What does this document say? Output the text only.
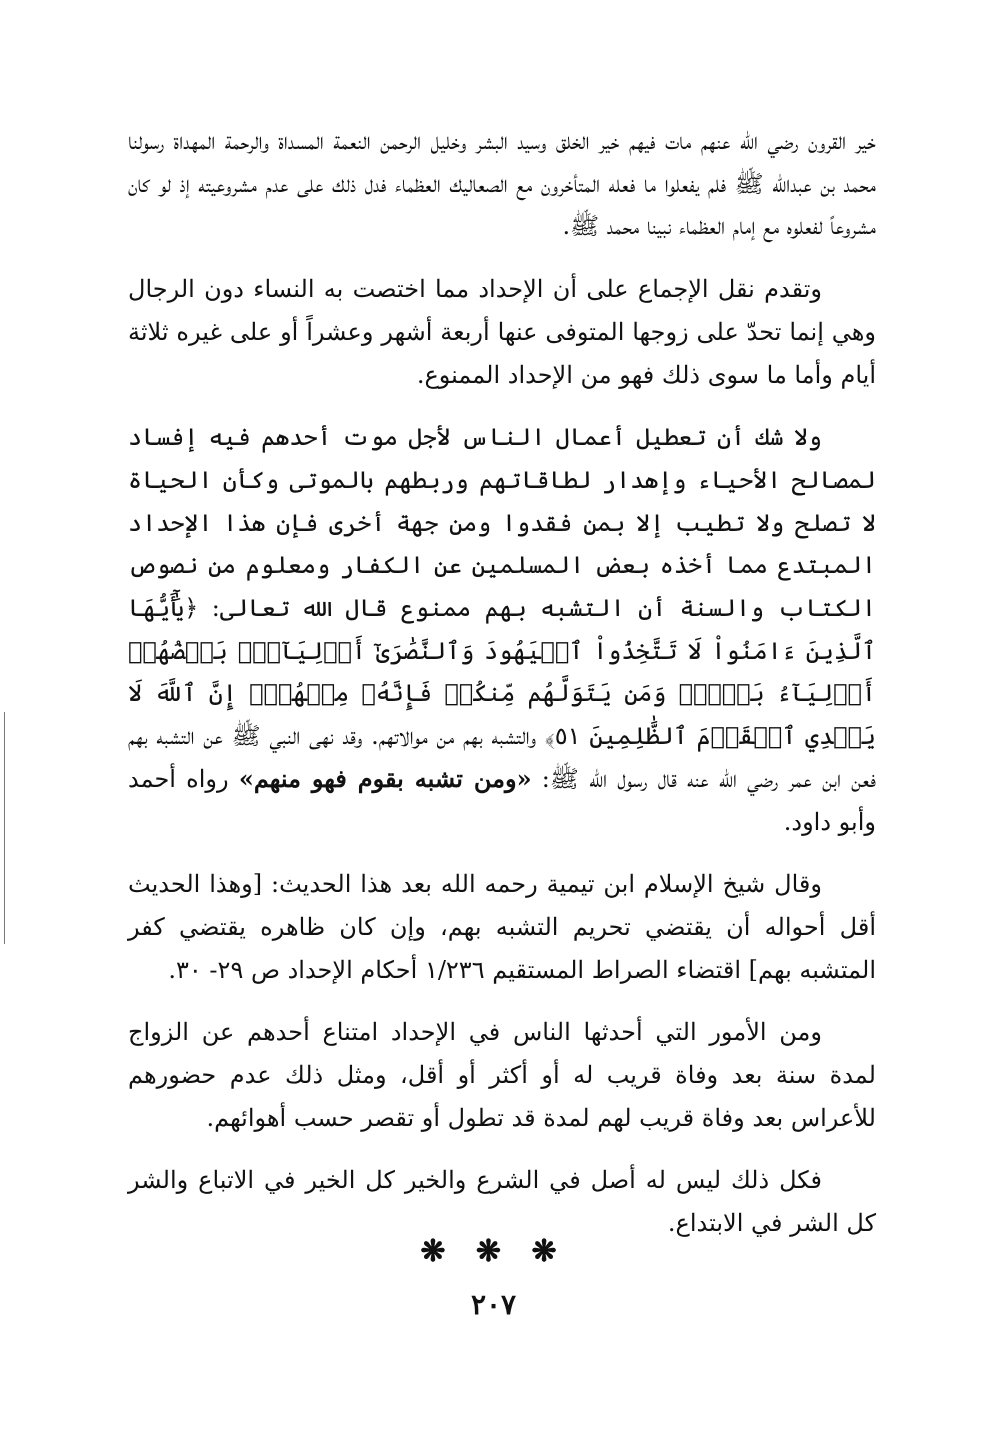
خير القرون رضي الله عنهم مات فيهم خير الخلق وسيد البشر وخليل الرحمن النعمة المسداة والرحمة المهداة رسولنا محمد بن عبدالله ﷺ فلم يفعلوا ما فعله المتأخرون مع الصعاليك العظماء فدل ذلك على عدم مشروعيته إذ لو كان مشروعاً لفعلوه مع إمام العظماء نبينا محمد ﷺ.

وتقدم نقل الإجماع على أن الإحداد مما اختصت به النساء دون الرجال وهي إنما تحدّ على زوجها المتوفى عنها أربعة أشهر وعشراً أو على غيره ثلاثة أيام وأما ما سوى ذلك فهو من الإحداد الممنوع.

ولا شك أن تعطيل أعمال الناس لأجل موت أحدهم فيه إفساد لمصالح الأحياء وإهدار لطاقاتهم وربطهم بالموتى وكأن الحياة لا تصلح ولا تطيب إلا بمن فقدوا ومن جهة أخرى فإن هذا الإحداد المبتدع مما أخذه بعض المسلمين عن الكفار ومعلوم من نصوص الكتاب والسنة أن التشبه بهم ممنوع قال الله تعالى: ﴿يَٰٓأَيُّهَا ٱلَّذِينَ ءَامَنُواْ لَا تَتَّخِذُواْ ٱلۡيَهُودَ وَٱلنَّصَٰرَىٰٓ أَوۡلِيَآءَۘ بَعۡضُهُمۡ أَوۡلِيَآءُ بَعۡضٖۚ وَمَن يَتَوَلَّهُم مِّنكُمۡ فَإِنَّهُۥ مِنۡهُمۡۗ إِنَّ ٱللَّهَ لَا يَهۡدِي ٱلۡقَوۡمَ ٱلظَّٰلِمِينَ ٥١﴾ والتشبه بهم من موالاتهم. وقد نهى النبي ﷺ عن التشبه بهم فعن ابن عمر رضي الله عنه قال رسول الله ﷺ: «ومن تشبه بقوم فهو منهم» رواه أحمد وأبو داود.

وقال شيخ الإسلام ابن تيمية رحمه الله بعد هذا الحديث: [وهذا الحديث أقل أحواله أن يقتضي تحريم التشبه بهم، وإن كان ظاهره يقتضي كفر المتشبه بهم] اقتضاء الصراط المستقيم ١/٢٣٦ أحكام الإحداد ص ٢٩- ٣٠.

ومن الأمور التي أحدثها الناس في الإحداد امتناع أحدهم عن الزواج لمدة سنة بعد وفاة قريب له أو أكثر أو أقل، ومثل ذلك عدم حضورهم للأعراس بعد وفاة قريب لهم لمدة قد تطول أو تقصر حسب أهوائهم.

فكل ذلك ليس له أصل في الشرع والخير كل الخير في الاتباع والشر كل الشر في الابتداع.

❋ ❋ ❋
٢٠٧
